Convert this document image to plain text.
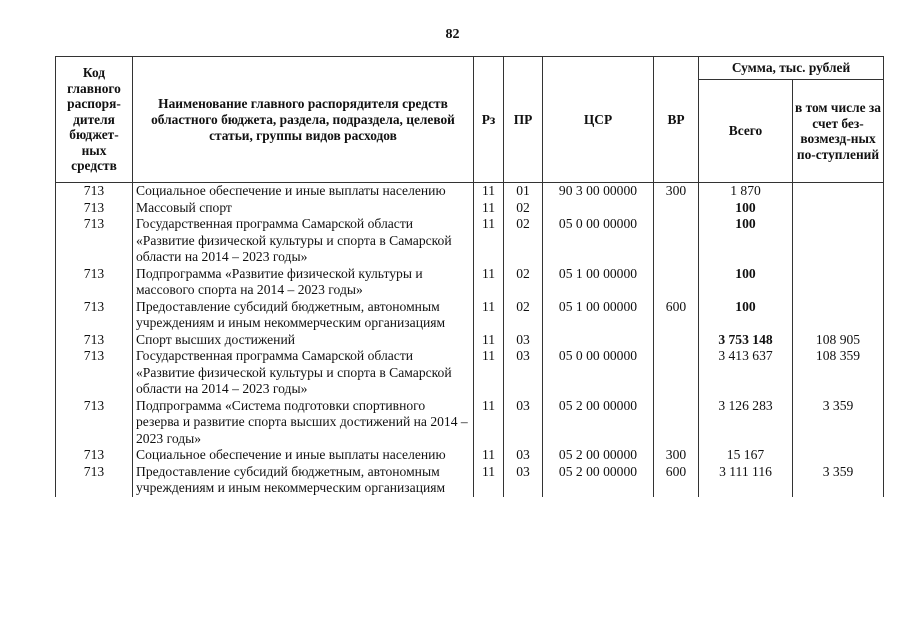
82
Код главного распоря-дителя бюджет-ных средств	Наименование главного распорядителя средств областного бюджета, раздела, подраздела, целевой статьи, группы видов расходов	Рз	ПР	ЦСР	ВР	Сумма, тыс. рублей	
						Всего	в том числе за счет без-возмезд-ных по-ступлений
713	Социальное обеспечение и иные выплаты населению	11	01	90 3 00 00000	300	1 870	
713	Массовый спорт	11	02			100	
713	Государственная программа Самарской области «Развитие физической культуры и спорта в Самарской области на 2014 – 2023 годы»	11	02	05 0 00 00000		100	
713	Подпрограмма «Развитие физической культуры и массового спорта на 2014 – 2023 годы»	11	02	05 1 00 00000		100	
713	Предоставление субсидий бюджетным, автономным учреждениям и иным некоммерческим организациям	11	02	05 1 00 00000	600	100	
713	Спорт высших достижений	11	03			3 753 148	108 905
713	Государственная программа Самарской области «Развитие физической культуры и спорта в Самарской области на 2014 – 2023 годы»	11	03	05 0 00 00000		3 413 637	108 359
713	Подпрограмма «Система подготовки спортивного резерва и развитие спорта высших достижений на 2014 – 2023 годы»	11	03	05 2 00 00000		3 126 283	3 359
713	Социальное обеспечение и иные выплаты населению	11	03	05 2 00 00000	300	15 167	
713	Предоставление субсидий бюджетным, автономным учреждениям и иным некоммерческим организациям	11	03	05 2 00 00000	600	3 111 116	3 359
